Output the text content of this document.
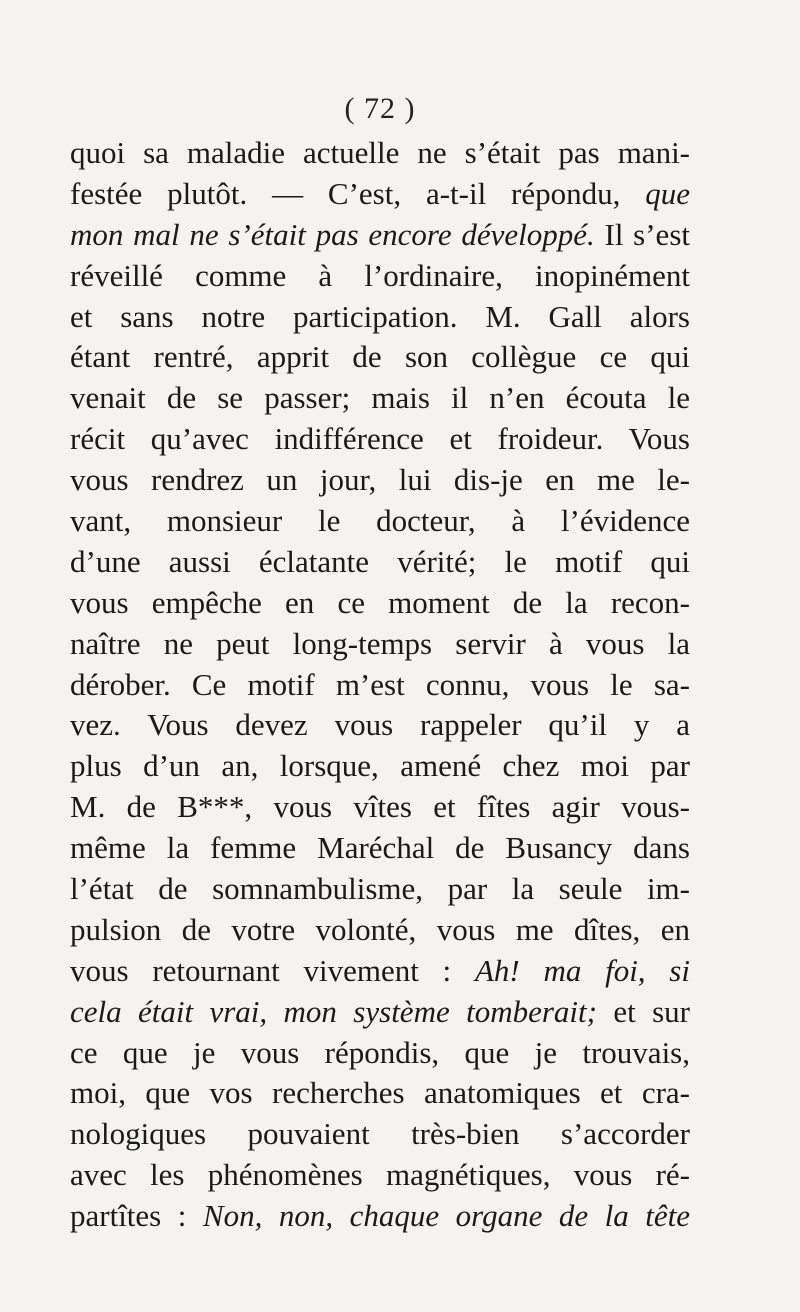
( 72 )
quoi sa maladie actuelle ne s’était pas mani-
festée plutôt. — C’est, a-t-il répondu, que
mon mal ne s’était pas encore développé. Il s’est
réveillé comme à l’ordinaire, inopinément
et sans notre participation. M. Gall alors
étant rentré, apprit de son collègue ce qui
venait de se passer; mais il n’en écouta le
récit qu’avec indifférence et froideur. Vous
vous rendrez un jour, lui dis-je en me le-
vant, monsieur le docteur, à l’évidence
d’une aussi éclatante vérité; le motif qui
vous empêche en ce moment de la recon-
naître ne peut long-temps servir à vous la
dérober. Ce motif m’est connu, vous le sa-
vez. Vous devez vous rappeler qu’il y a
plus d’un an, lorsque, amené chez moi par
M. de B***, vous vîtes et fîtes agir vous-
même la femme Maréchal de Busancy dans
l’état de somnambulisme, par la seule im-
pulsion de votre volonté, vous me dîtes, en
vous retournant vivement : Ah! ma foi, si
cela était vrai, mon système tomberait; et sur
ce que je vous répondis, que je trouvais,
moi, que vos recherches anatomiques et cra-
nologiques pouvaient très-bien s’accorder
avec les phénomènes magnétiques, vous ré-
partîtes : Non, non, chaque organe de la tête
